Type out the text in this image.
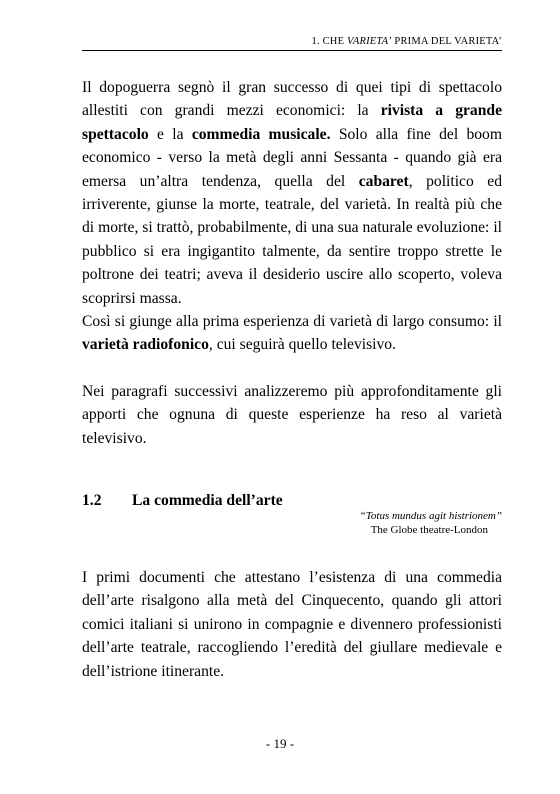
1. CHE VARIETA’ PRIMA DEL VARIETA’

Il dopoguerra segnò il gran successo di quei tipi di spettacolo allestiti con grandi mezzi economici: la rivista a grande spettacolo e la commedia musicale. Solo alla fine del boom economico - verso la metà degli anni Sessanta - quando già era emersa un’altra tendenza, quella del cabaret, politico ed irriverente, giunse la morte, teatrale, del varietà. In realtà più che di morte, si trattò, probabilmente, di una sua naturale evoluzione: il pubblico si era ingigantito talmente, da sentire troppo strette le poltrone dei teatri; aveva il desiderio uscire allo scoperto, voleva scoprirsi massa.

Così si giunge alla prima esperienza di varietà di largo consumo: il varietà radiofonico, cui seguirà quello televisivo.

Nei paragrafi successivi analizzeremo più approfonditamente gli apporti che ognuna di queste esperienze ha reso al varietà televisivo.

1.2 La commedia dell’arte
“Totus mundus agit histrionem”
The Globe theatre-London

I primi documenti che attestano l’esistenza di una commedia dell’arte risalgono alla metà del Cinquecento, quando gli attori comici italiani si unirono in compagnie e divennero professionisti dell’arte teatrale, raccogliendo l’eredità del giullare medievale e dell’istrione itinerante.

- 19 -
